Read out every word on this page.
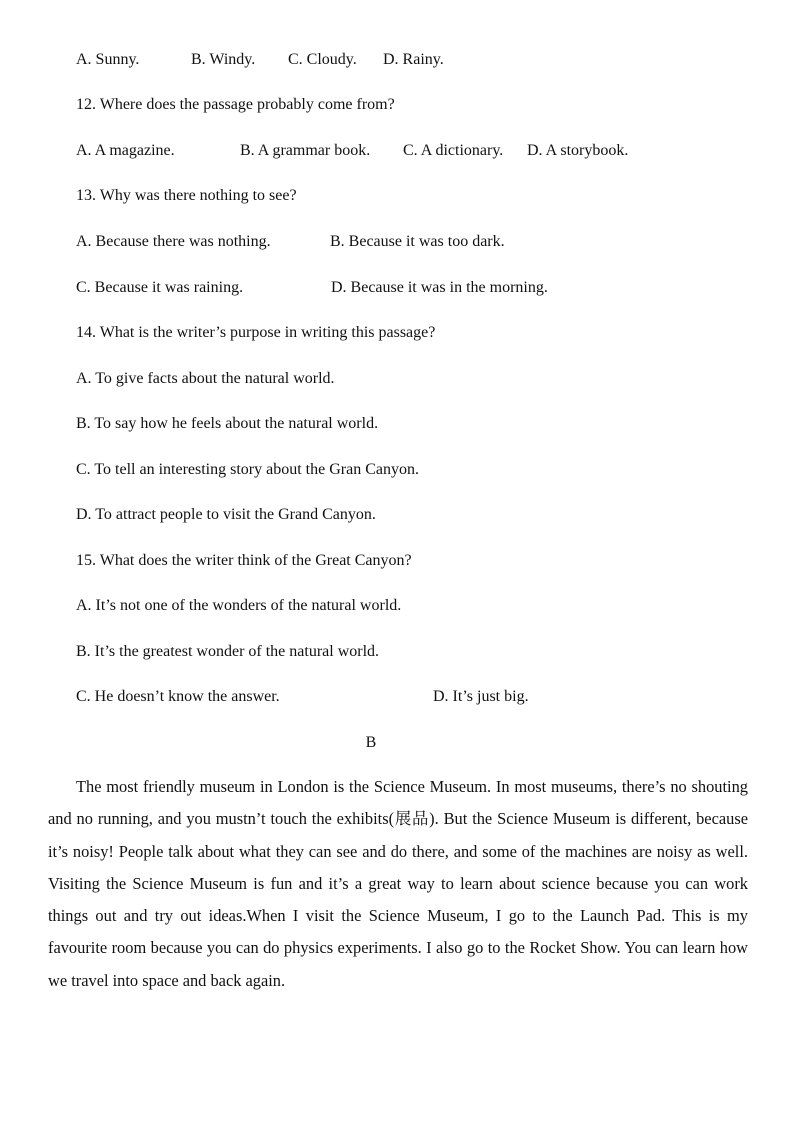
A. Sunny.	B. Windy. C. Cloudy. D. Rainy.
12. Where does the passage probably come from?
A. A magazine.	B. A grammar book. C. A dictionary. D. A storybook.
13. Why was there nothing to see?
A. Because there was nothing.	B. Because it was too dark.
C. Because it was raining.	D. Because it was in the morning.
14. What is the writer’s purpose in writing this passage?
A. To give facts about the natural world.
B. To say how he feels about the natural world.
C. To tell an interesting story about the Gran Canyon.
D. To attract people to visit the Grand Canyon.
15. What does the writer think of the Great Canyon?
A. It’s not one of the wonders of the natural world.
B. It’s the greatest wonder of the natural world.
C. He doesn’t know the answer.	D. It’s just big.
B
The most friendly museum in London is the Science Museum. In most museums, there’s no shouting and no running, and you mustn’t touch the exhibits(展品). But the Science Museum is different, because it’s noisy! People talk about what they can see and do there, and some of the machines are noisy as well. Visiting the Science Museum is fun and it’s a great way to learn about science because you can work things out and try out ideas.When I visit the Science Museum, I go to the Launch Pad. This is my favourite room because you can do physics experiments. I also go to the Rocket Show. You can learn how we travel into space and back again.
